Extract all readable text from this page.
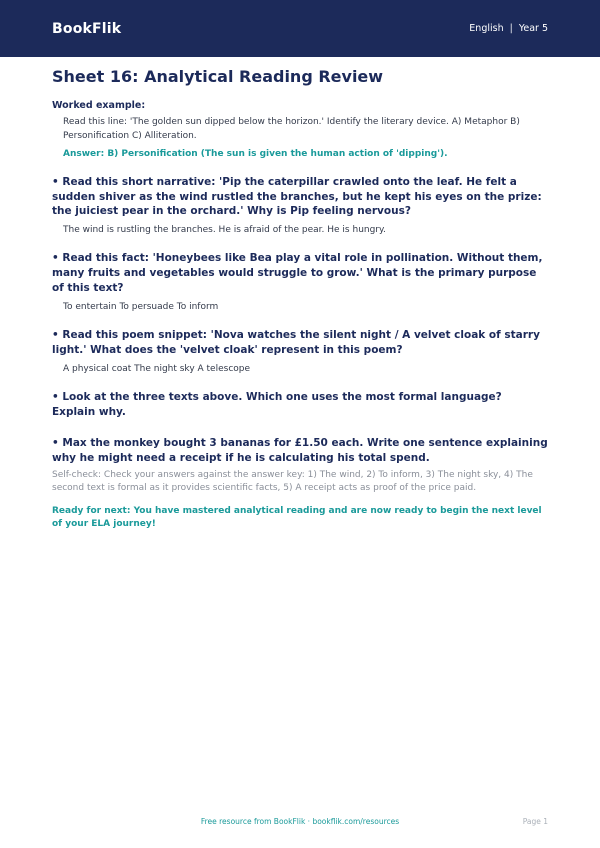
BookFlik	English | Year 5
Sheet 16: Analytical Reading Review
Worked example:
Read this line: 'The golden sun dipped below the horizon.' Identify the literary device. A) Metaphor B) Personification C) Alliteration.
Answer: B) Personification (The sun is given the human action of 'dipping').
• Read this short narrative: 'Pip the caterpillar crawled onto the leaf. He felt a sudden shiver as the wind rustled the branches, but he kept his eyes on the prize: the juiciest pear in the orchard.' Why is Pip feeling nervous?
The wind is rustling the branches. He is afraid of the pear. He is hungry.
• Read this fact: 'Honeybees like Bea play a vital role in pollination. Without them, many fruits and vegetables would struggle to grow.' What is the primary purpose of this text?
To entertain To persuade To inform
• Read this poem snippet: 'Nova watches the silent night / A velvet cloak of starry light.' What does the 'velvet cloak' represent in this poem?
A physical coat The night sky A telescope
• Look at the three texts above. Which one uses the most formal language? Explain why.
• Max the monkey bought 3 bananas for £1.50 each. Write one sentence explaining why he might need a receipt if he is calculating his total spend.
Self-check: Check your answers against the answer key: 1) The wind, 2) To inform, 3) The night sky, 4) The second text is formal as it provides scientific facts, 5) A receipt acts as proof of the price paid.
Ready for next: You have mastered analytical reading and are now ready to begin the next level of your ELA journey!
Free resource from BookFlik · bookflik.com/resources	Page 1
